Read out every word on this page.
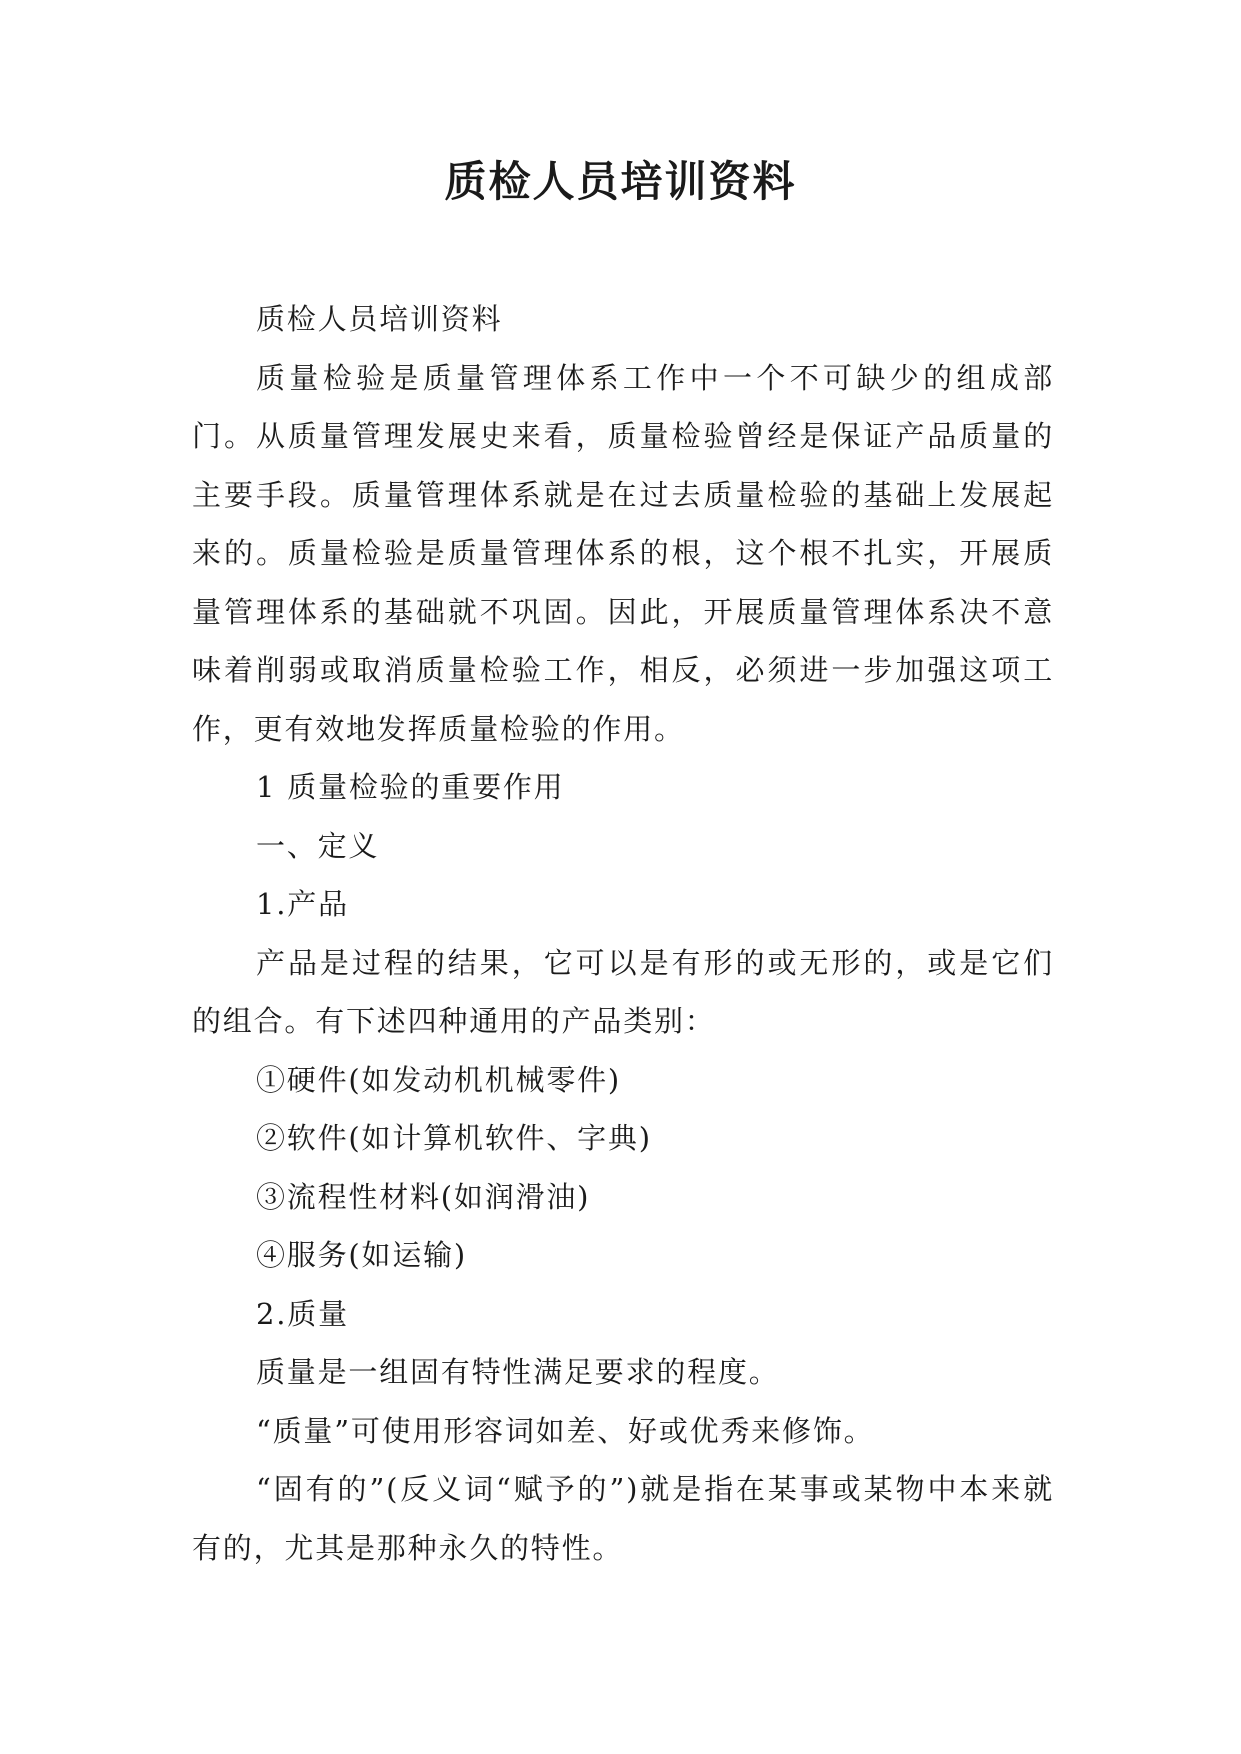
质检人员培训资料

质检人员培训资料

质量检验是质量管理体系工作中一个不可缺少的组成部门。从质量管理发展史来看，质量检验曾经是保证产品质量的主要手段。质量管理体系就是在过去质量检验的基础上发展起来的。质量检验是质量管理体系的根，这个根不扎实，开展质量管理体系的基础就不巩固。因此，开展质量管理体系决不意味着削弱或取消质量检验工作，相反，必须进一步加强这项工作，更有效地发挥质量检验的作用。

1 质量检验的重要作用

一、定义

1.产品

产品是过程的结果，它可以是有形的或无形的，或是它们的组合。有下述四种通用的产品类别：

①硬件(如发动机机械零件)

②软件(如计算机软件、字典)

③流程性材料(如润滑油)

④服务(如运输)

2.质量

质量是一组固有特性满足要求的程度。

“质量”可使用形容词如差、好或优秀来修饰。

“固有的”(反义词“赋予的”)就是指在某事或某物中本来就有的，尤其是那种永久的特性。
